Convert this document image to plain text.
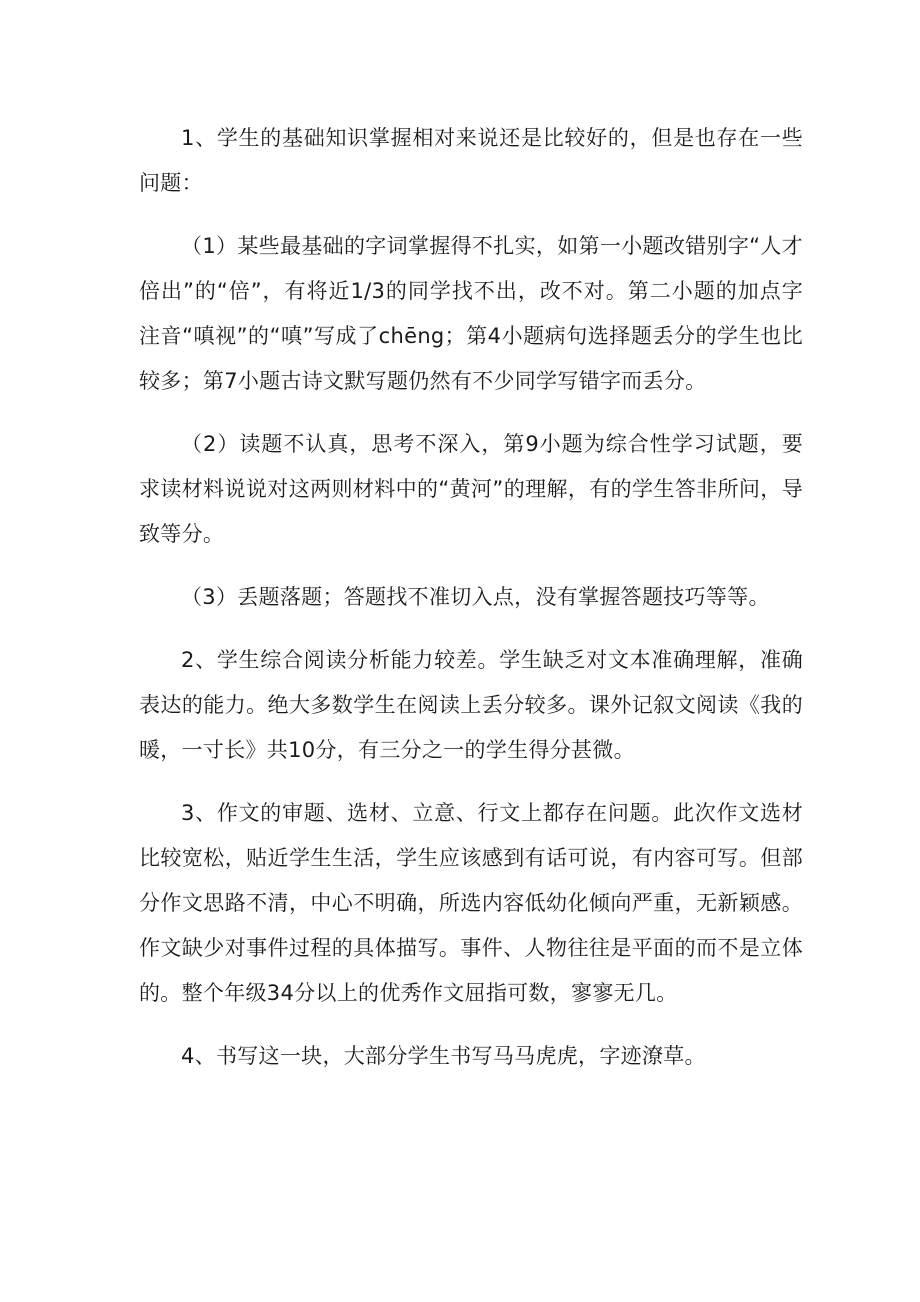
1、学生的基础知识掌握相对来说还是比较好的，但是也存在一些问题：

（1）某些最基础的字词掌握得不扎实，如第一小题改错别字“人才倍出”的“倍”，有将近1/3的同学找不出，改不对。第二小题的加点字注音“嗔视”的“嗔”写成了chēng；第4小题病句选择题丢分的学生也比较多；第7小题古诗文默写题仍然有不少同学写错字而丢分。

（2）读题不认真，思考不深入，第9小题为综合性学习试题，要求读材料说说对这两则材料中的“黄河”的理解，有的学生答非所问，导致等分。

（3）丢题落题；答题找不准切入点，没有掌握答题技巧等等。

2、学生综合阅读分析能力较差。学生缺乏对文本准确理解，准确表达的能力。绝大多数学生在阅读上丢分较多。课外记叙文阅读《我的暖，一寸长》共10分，有三分之一的学生得分甚微。

3、作文的审题、选材、立意、行文上都存在问题。此次作文选材比较宽松，贴近学生生活，学生应该感到有话可说，有内容可写。但部分作文思路不清，中心不明确，所选内容低幼化倾向严重，无新颖感。作文缺少对事件过程的具体描写。事件、人物往往是平面的而不是立体的。整个年级34分以上的优秀作文屈指可数，寥寥无几。

4、书写这一块，大部分学生书写马马虎虎，字迹潦草。
